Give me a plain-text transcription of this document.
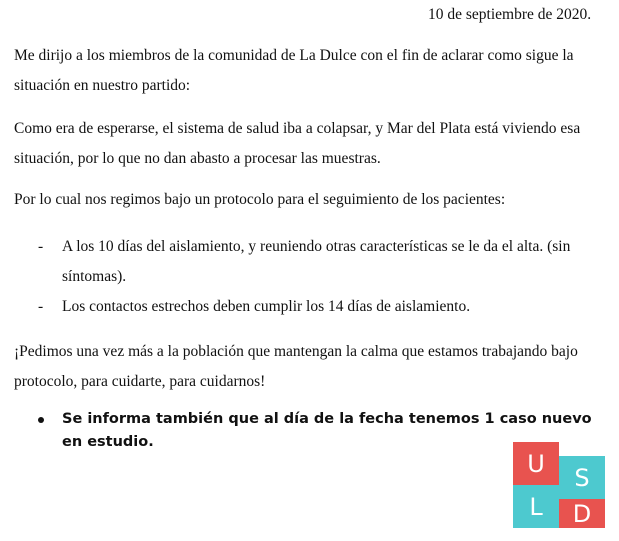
10 de septiembre de 2020.

Me dirijo a los miembros de la comunidad de La Dulce con el fin de aclarar como sigue la situación en nuestro partido:

Como era de esperarse, el sistema de salud iba a colapsar, y Mar del Plata está viviendo esa situación, por lo que no dan abasto a procesar las muestras.

Por lo cual nos regimos bajo un protocolo para el seguimiento de los pacientes:

- A los 10 días del aislamiento, y reuniendo otras características se le da el alta. (sin síntomas).
- Los contactos estrechos deben cumplir los 14 días de aislamiento.

¡Pedimos una vez más a la población que mantengan la calma que estamos trabajando bajo protocolo, para cuidarte, para cuidarnos!

Se informa también que al día de la fecha tenemos 1 caso nuevo en estudio.
U	S
L	D
